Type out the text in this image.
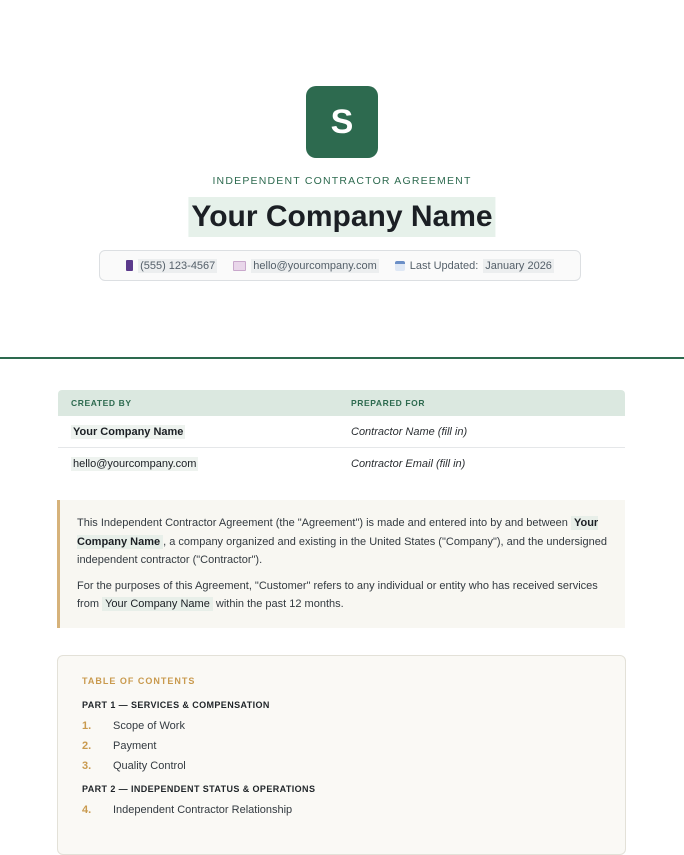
S
INDEPENDENT CONTRACTOR AGREEMENT
Your Company Name
(555) 123-4567	hello@yourcompany.com	Last Updated: January 2026
CREATED BY	PREPARED FOR
Your Company Name	Contractor Name (fill in)
hello@yourcompany.com	Contractor Email (fill in)

This Independent Contractor Agreement (the "Agreement") is made and entered into by and between Your Company Name , a company organized and existing in the United States ("Company"), and the undersigned independent contractor ("Contractor").

For the purposes of this Agreement, "Customer" refers to any individual or entity who has received services from Your Company Name within the past 12 months.

TABLE OF CONTENTS
PART 1 — SERVICES & COMPENSATION
1.	Scope of Work
2.	Payment
3.	Quality Control
PART 2 — INDEPENDENT STATUS & OPERATIONS
4.	Independent Contractor Relationship
